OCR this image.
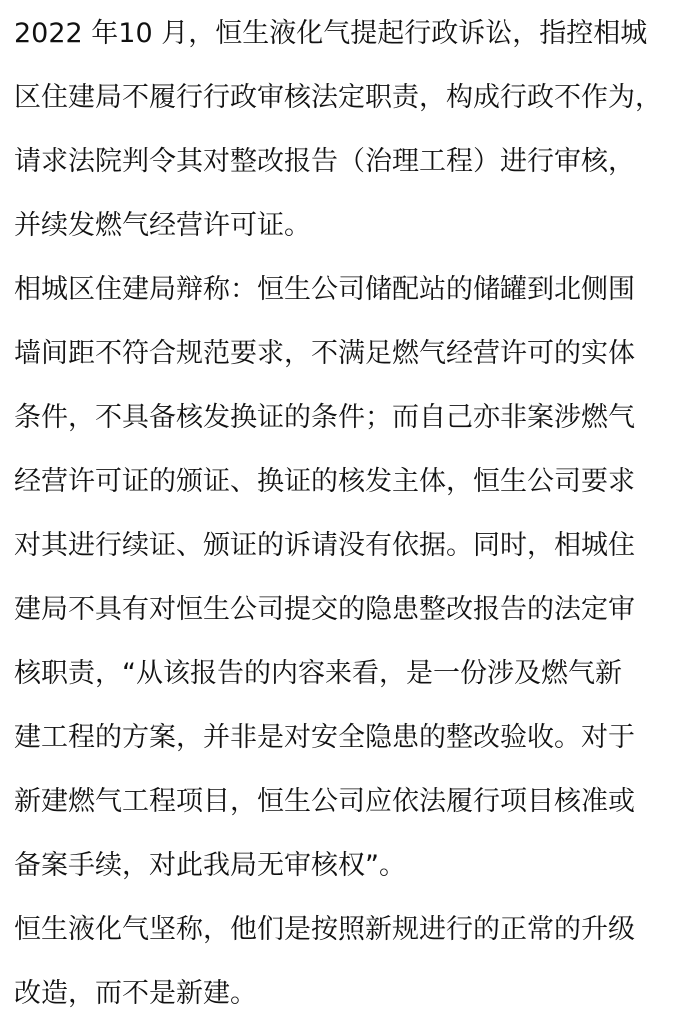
2022 年10 月，恒生液化气提起行政诉讼，指控相城
区住建局不履行行政审核法定职责，构成行政不作为，
请求法院判令其对整改报告（治理工程）进行审核，
并续发燃气经营许可证。
相城区住建局辩称：恒生公司储配站的储罐到北侧围
墙间距不符合规范要求，不满足燃气经营许可的实体
条件，不具备核发换证的条件；而自己亦非案涉燃气
经营许可证的颁证、换证的核发主体，恒生公司要求
对其进行续证、颁证的诉请没有依据。同时，相城住
建局不具有对恒生公司提交的隐患整改报告的法定审
核职责，“从该报告的内容来看，是一份涉及燃气新
建工程的方案，并非是对安全隐患的整改验收。对于
新建燃气工程项目，恒生公司应依法履行项目核准或
备案手续，对此我局无审核权”。
恒生液化气坚称，他们是按照新规进行的正常的升级
改造，而不是新建。
